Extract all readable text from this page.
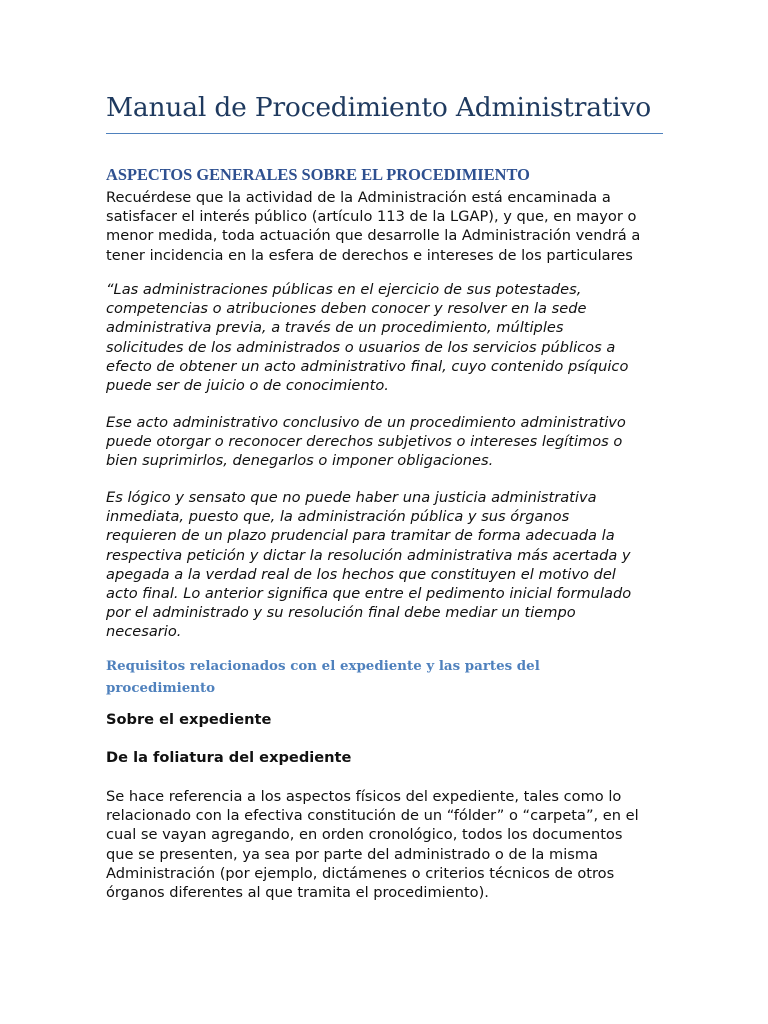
Manual de Procedimiento Administrativo
ASPECTOS GENERALES SOBRE EL PROCEDIMIENTO

Recuérdese que la actividad de la Administración está encaminada a
satisfacer el interés público (artículo 113 de la LGAP), y que, en mayor o
menor medida, toda actuación que desarrolle la Administración vendrá a
tener incidencia en la esfera de derechos e intereses de los particulares

“Las administraciones públicas en el ejercicio de sus potestades,
competencias o atribuciones deben conocer y resolver en la sede
administrativa previa, a través de un procedimiento, múltiples
solicitudes de los administrados o usuarios de los servicios públicos a
efecto de obtener un acto administrativo final, cuyo contenido psíquico
puede ser de juicio o de conocimiento.

Ese acto administrativo conclusivo de un procedimiento administrativo
puede otorgar o reconocer derechos subjetivos o intereses legítimos o
bien suprimirlos, denegarlos o imponer obligaciones.

Es lógico y sensato que no puede haber una justicia administrativa
inmediata, puesto que, la administración pública y sus órganos
requieren de un plazo prudencial para tramitar de forma adecuada la
respectiva petición y dictar la resolución administrativa más acertada y
apegada a la verdad real de los hechos que constituyen el motivo del
acto final. Lo anterior significa que entre el pedimento inicial formulado
por el administrado y su resolución final debe mediar un tiempo
necesario.

Requisitos relacionados con el expediente y las partes del
procedimiento
Sobre el expediente
De la foliatura del expediente

Se hace referencia a los aspectos físicos del expediente, tales como lo
relacionado con la efectiva constitución de un “fólder” o “carpeta”, en el
cual se vayan agregando, en orden cronológico, todos los documentos
que se presenten, ya sea por parte del administrado o de la misma
Administración (por ejemplo, dictámenes o criterios técnicos de otros
órganos diferentes al que tramita el procedimiento).
